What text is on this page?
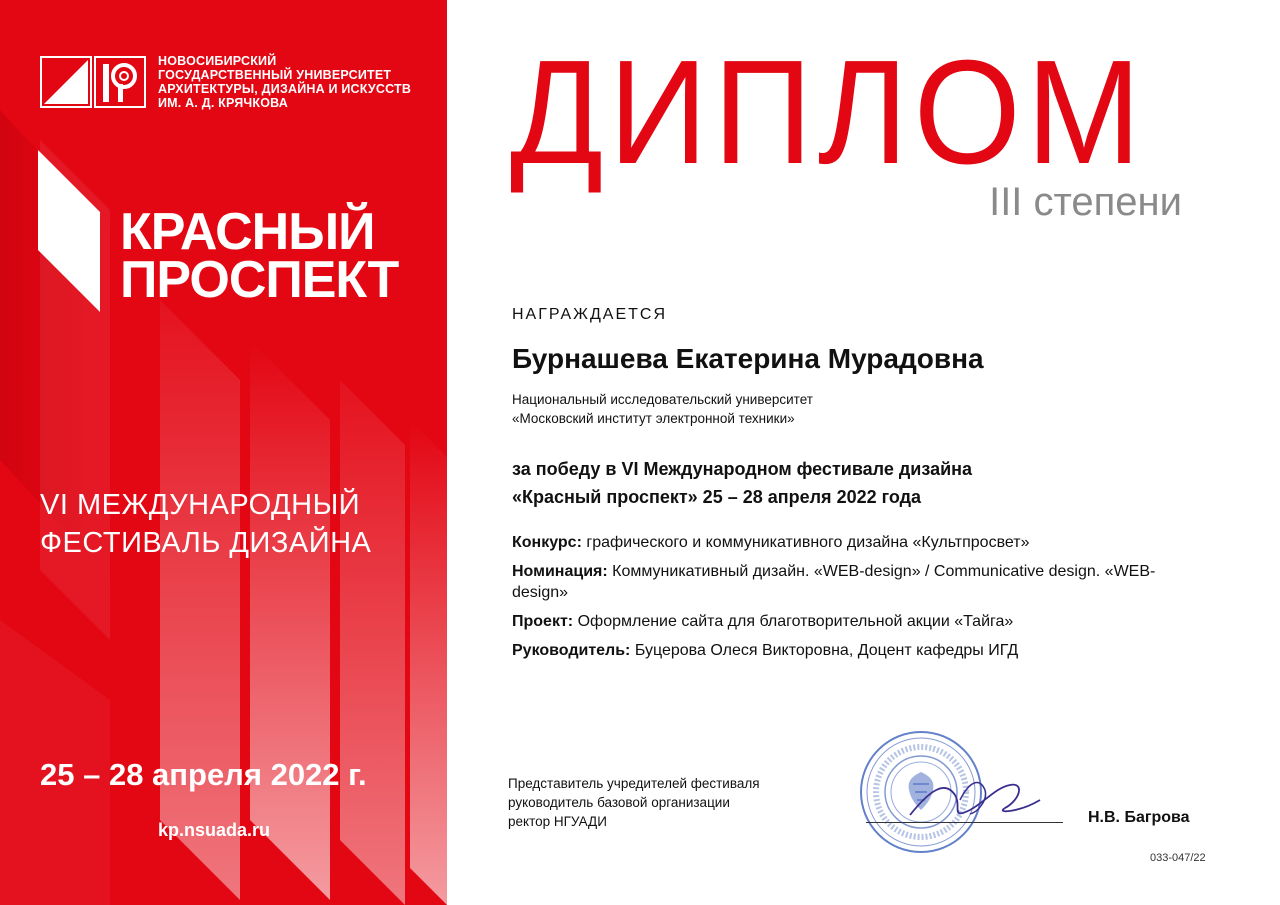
НОВОСИБИРСКИЙ
ГОСУДАРСТВЕННЫЙ УНИВЕРСИТЕТ
АРХИТЕКТУРЫ, ДИЗАЙНА И ИСКУССТВ
ИМ. А. Д. КРЯЧКОВА
КРАСНЫЙ
ПРОСПЕКТ
VI МЕЖДУНАРОДНЫЙ
ФЕСТИВАЛЬ ДИЗАЙНА
25 – 28 апреля 2022 г.
kp.nsuada.ru
ДИПЛОМ
III степени
НАГРАЖДАЕТСЯ
Бурнашева Екатерина Мурадовна
Национальный исследовательский университет
«Московский институт электронной техники»
за победу в VI Международном фестивале дизайна
«Красный проспект» 25 – 28 апреля 2022 года
Конкурс: графического и коммуникативного дизайна «Культпросвет»
Номинация: Коммуникативный дизайн. «WEB-design» / Communicative design. «WEB-design»
Проект: Оформление сайта для благотворительной акции «Тайга»
Руководитель: Буцерова Олеся Викторовна, Доцент кафедры ИГД
Представитель учредителей фестиваля
руководитель базовой организации
ректор НГУАДИ	Н.В. Багрова
033-047/22
